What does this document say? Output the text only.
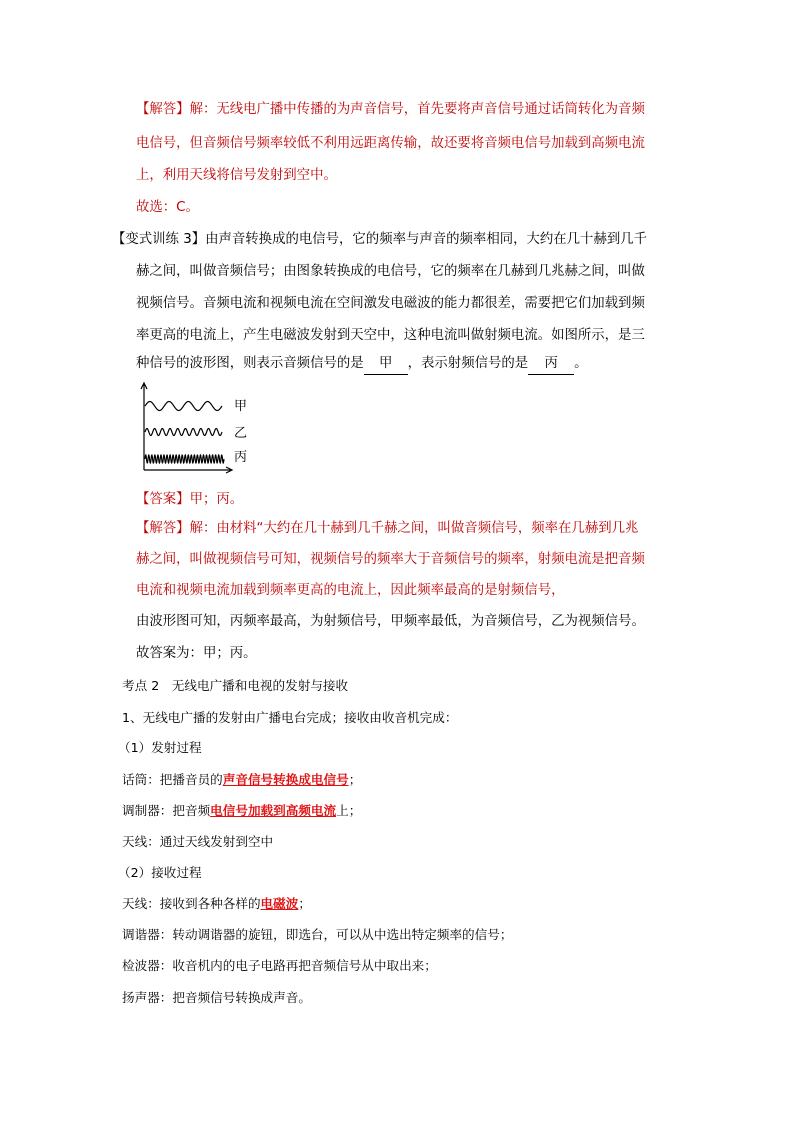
【解答】解：无线电广播中传播的为声音信号，首先要将声音信号通过话筒转化为音频
电信号，但音频信号频率较低不利用远距离传输，故还要将音频电信号加载到高频电流
上，利用天线将信号发射到空中。
故选：C。
【变式训练 3】由声音转换成的电信号，它的频率与声音的频率相同，大约在几十赫到几千
赫之间，叫做音频信号；由图象转换成的电信号，它的频率在几赫到几兆赫之间，叫做
视频信号。音频电流和视频电流在空间激发电磁波的能力都很差，需要把它们加载到频
率更高的电流上，产生电磁波发射到天空中，这种电流叫做射频电流。如图所示，是三
种信号的波形图，则表示音频信号的是 甲 ，表示射频信号的是 丙 。
甲
乙
丙
【答案】甲；丙。
【解答】解：由材料“大约在几十赫到几千赫之间，叫做音频信号，频率在几赫到几兆
赫之间，叫做视频信号可知，视频信号的频率大于音频信号的频率，射频电流是把音频
电流和视频电流加载到频率更高的电流上，因此频率最高的是射频信号，
由波形图可知，丙频率最高，为射频信号，甲频率最低，为音频信号，乙为视频信号。
故答案为：甲；丙。
考点 2　无线电广播和电视的发射与接收
1、无线电广播的发射由广播电台完成；接收由收音机完成：
（1）发射过程
话筒：把播音员的声音信号转换成电信号；
调制器：把音频电信号加载到高频电流上；
天线：通过天线发射到空中
（2）接收过程
天线：接收到各种各样的电磁波；
调谐器：转动调谐器的旋钮，即选台，可以从中选出特定频率的信号；
检波器：收音机内的电子电路再把音频信号从中取出来；
扬声器：把音频信号转换成声音。
